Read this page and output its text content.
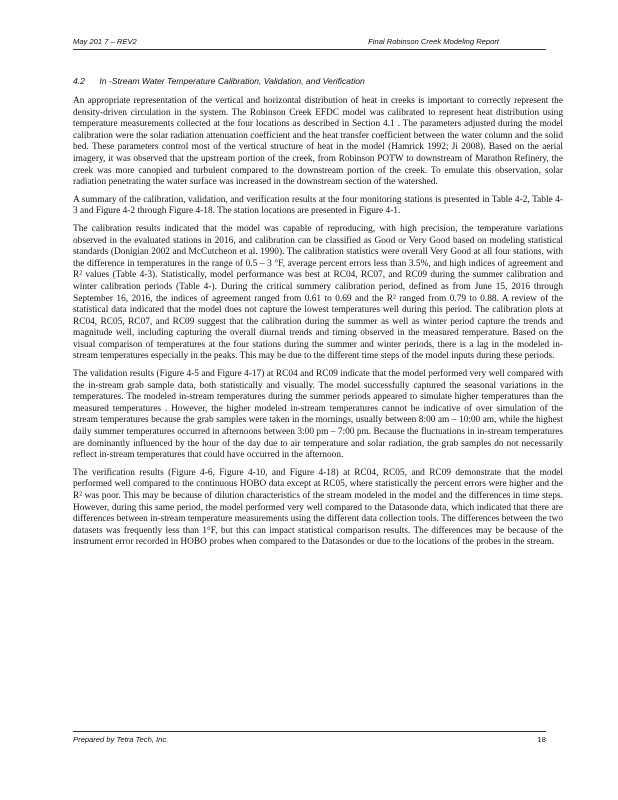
May 201 7 – REV2	Final Robinson Creek Modeling Report
4.2 In -Stream Water Temperature Calibration, Validation, and Verification

An appropriate representation of the vertical and horizontal distribution of heat in creeks is important to correctly represent the density-driven circulation in the system. The Robinson Creek EFDC model was calibrated to represent heat distribution using temperature measurements collected at the four locations as described in Section 4.1 . The parameters adjusted during the model calibration were the solar radiation attenuation coefficient and the heat transfer coefficient between the water column and the solid bed. These parameters control most of the vertical structure of heat in the model (Hamrick 1992; Ji 2008). Based on the aerial imagery, it was observed that the upstream portion of the creek, from Robinson POTW to downstream of Marathon Refinery, the creek was more canopied and turbulent compared to the downstream portion of the creek. To emulate this observation, solar radiation penetrating the water surface was increased in the downstream section of the watershed.

A summary of the calibration, validation, and verification results at the four monitoring stations is presented in Table 4-2, Table 4-3 and Figure 4-2 through Figure 4-18. The station locations are presented in Figure 4-1.

The calibration results indicated that the model was capable of reproducing, with high precision, the temperature variations observed in the evaluated stations in 2016, and calibration can be classified as Good or Very Good based on modeling statistical standards (Donigian 2002 and McCutcheon et al. 1990). The calibration statistics were overall Very Good at all four stations, with the difference in temperatures in the range of 0.5 – 3 °F, average percent errors less than 3.5%, and high indices of agreement and R² values (Table 4-3). Statistically, model performance was best at RC04, RC07, and RC09 during the summer calibration and winter calibration periods (Table 4-). During the critical summery calibration period, defined as from June 15, 2016 through September 16, 2016, the indices of agreement ranged from 0.61 to 0.69 and the R² ranged from 0.79 to 0.88. A review of the statistical data indicated that the model does not capture the lowest temperatures well during this period. The calibration plots at RC04, RC05, RC07, and RC09 suggest that the calibration during the summer as well as winter period capture the trends and magnitude well, including capturing the overall diurnal trends and timing observed in the measured temperature. Based on the visual comparison of temperatures at the four stations during the summer and winter periods, there is a lag in the modeled in-stream temperatures especially in the peaks. This may be due to the different time steps of the model inputs during these periods.

The validation results (Figure 4-5 and Figure 4-17) at RC04 and RC09 indicate that the model performed very well compared with the in-stream grab sample data, both statistically and visually. The model successfully captured the seasonal variations in the temperatures. The modeled in-stream temperatures during the summer periods appeared to simulate higher temperatures than the measured temperatures . However, the higher modeled in-stream temperatures cannot be indicative of over simulation of the stream temperatures because the grab samples were taken in the mornings, usually between 8:00 am – 10:00 am, while the highest daily summer temperatures occurred in afternoons between 3:00 pm – 7:00 pm. Because the fluctuations in in-stream temperatures are dominantly influenced by the hour of the day due to air temperature and solar radiation, the grab samples do not necessarily reflect in-stream temperatures that could have occurred in the afternoon.

The verification results (Figure 4-6, Figure 4-10, and Figure 4-18) at RC04, RC05, and RC09 demonstrate that the model performed well compared to the continuous HOBO data except at RC05, where statistically the percent errors were higher and the R² was poor. This may be because of dilution characteristics of the stream modeled in the model and the differences in time steps. However, during this same period, the model performed very well compared to the Datasonde data, which indicated that there are differences between in-stream temperature measurements using the different data collection tools. The differences between the two datasets was frequently less than 1°F, but this can impact statistical comparison results. The differences may be because of the instrument error recorded in HOBO probes when compared to the Datasondes or due to the locations of the probes in the stream.

Prepared by Tetra Tech, Inc.	18
